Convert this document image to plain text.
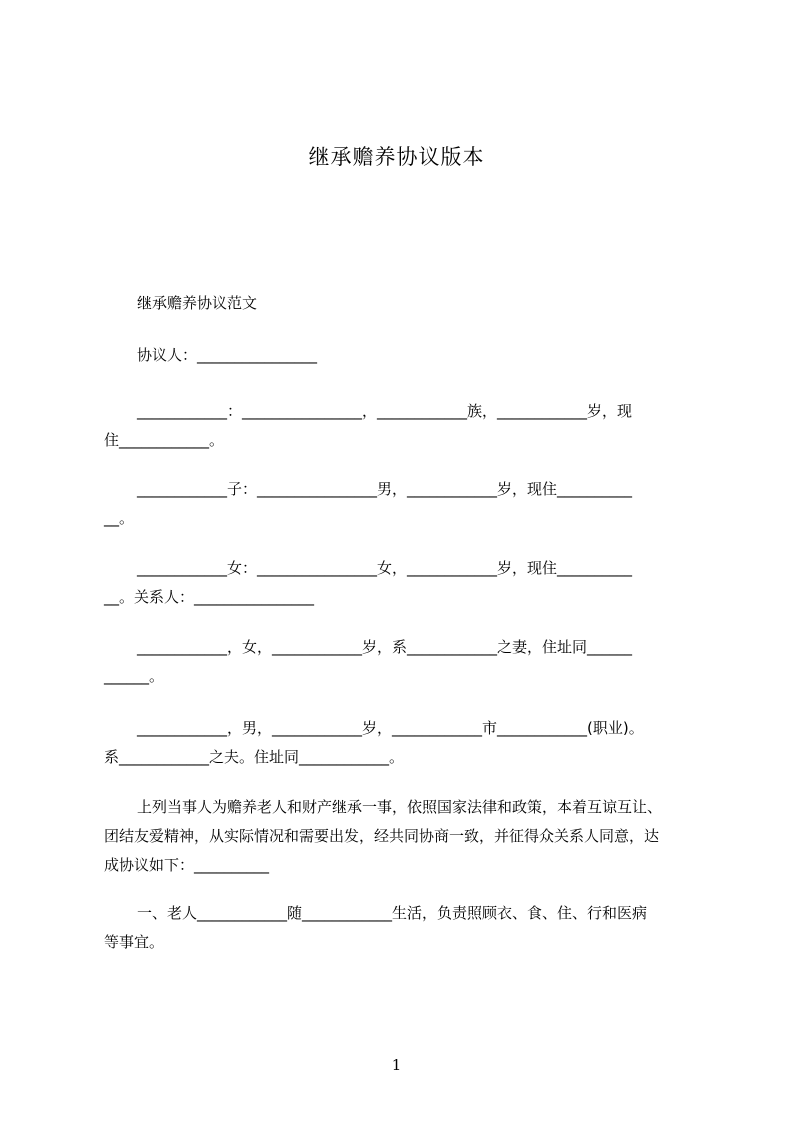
继承赡养协议版本
继承赡养协议范文
协议人：________________
____________：________________，____________族，____________岁，现
住____________。
____________子：________________男，____________岁，现住__________
__。
____________女：________________女，____________岁，现住__________
__。关系人：________________
____________，女，____________岁，系____________之妻，住址同______
______。
____________，男，____________岁，____________市____________(职业)。
系____________之夫。住址同____________。
上列当事人为赡养老人和财产继承一事，依照国家法律和政策，本着互谅互让、
团结友爱精神，从实际情况和需要出发，经共同协商一致，并征得众关系人同意，达
成协议如下：__________
一、老人____________随____________生活，负责照顾衣、食、住、行和医病
等事宜。
1
